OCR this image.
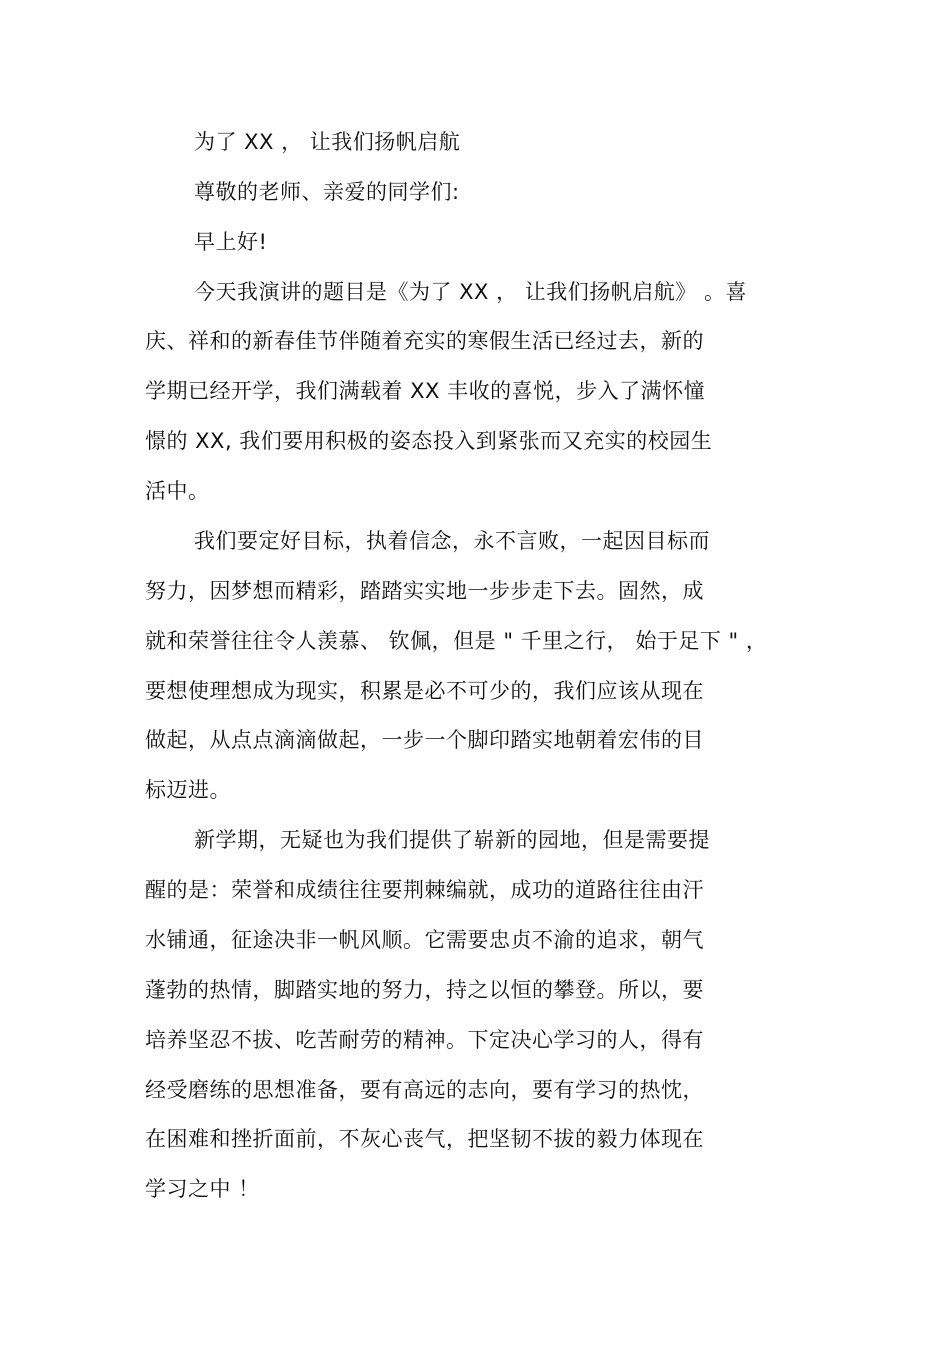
为了 XX ， 让我们扬帆启航
尊敬的老师、亲爱的同学们:
早上好!
今天我演讲的题目是《为了 XX ， 让我们扬帆启航》 。喜
庆、祥和的新春佳节伴随着充实的寒假生活已经过去，新的
学期已经开学，我们满载着 XX 丰收的喜悦，步入了满怀憧
憬的 XX, 我们要用积极的姿态投入到紧张而又充实的校园生
活中。
我们要定好目标，执着信念，永不言败，一起因目标而
努力，因梦想而精彩，踏踏实实地一步步走下去。固然，成
就和荣誉往往令人羡慕、 钦佩，但是 " 千里之行， 始于足下 " ，
要想使理想成为现实，积累是必不可少的，我们应该从现在
做起，从点点滴滴做起，一步一个脚印踏实地朝着宏伟的目
标迈进。
新学期，无疑也为我们提供了崭新的园地，但是需要提
醒的是：荣誉和成绩往往要荆棘编就，成功的道路往往由汗
水铺通，征途决非一帆风顺。它需要忠贞不渝的追求，朝气
蓬勃的热情，脚踏实地的努力，持之以恒的攀登。所以，要
培养坚忍不拔、吃苦耐劳的精神。下定决心学习的人，得有
经受磨练的思想准备，要有高远的志向，要有学习的热忱，
在困难和挫折面前，不灰心丧气，把坚韧不拔的毅力体现在
学习之中 ！
